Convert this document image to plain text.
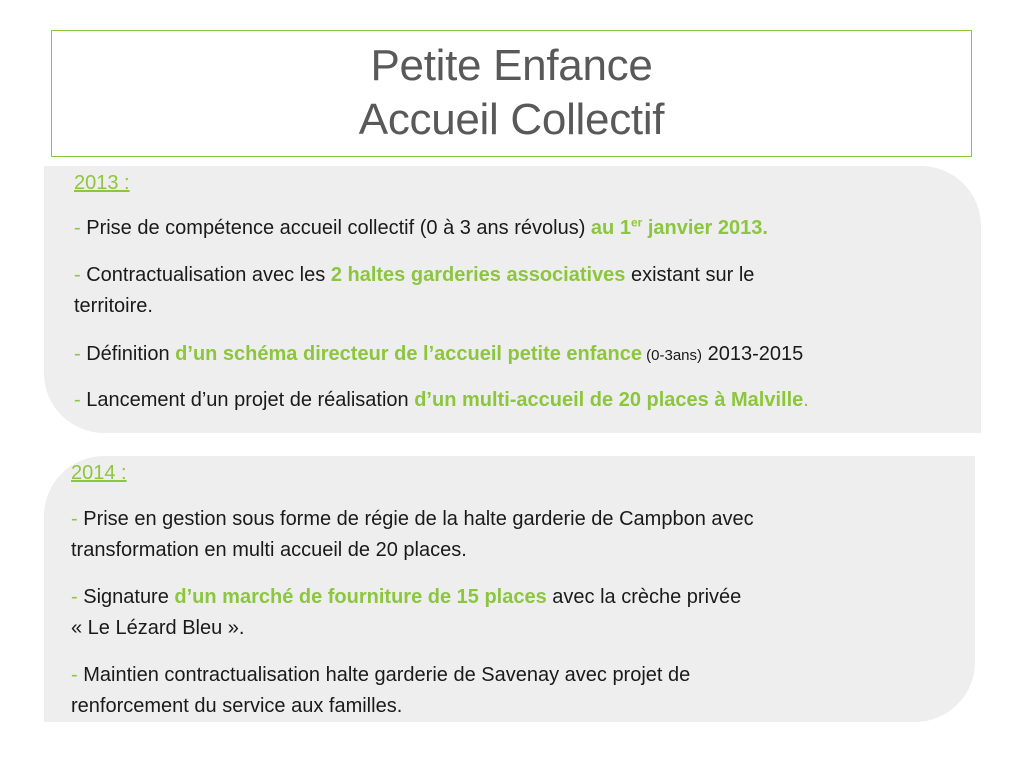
Petite Enfance
Accueil Collectif
2013 :
- Prise de compétence accueil collectif (0 à 3 ans révolus) au 1er janvier 2013.
- Contractualisation avec les 2 haltes garderies associatives existant sur le
territoire.
- Définition d’un schéma directeur de l’accueil petite enfance (0-3ans) 2013-2015
- Lancement d’un projet de réalisation d’un multi-accueil de 20 places à Malville.
2014 :
- Prise en gestion sous forme de régie de la halte garderie de Campbon avec
transformation en multi accueil de 20 places.
- Signature d’un marché de fourniture de 15 places avec la crèche privée
« Le Lézard Bleu ».
- Maintien contractualisation halte garderie de Savenay avec projet de
renforcement du service aux familles.
